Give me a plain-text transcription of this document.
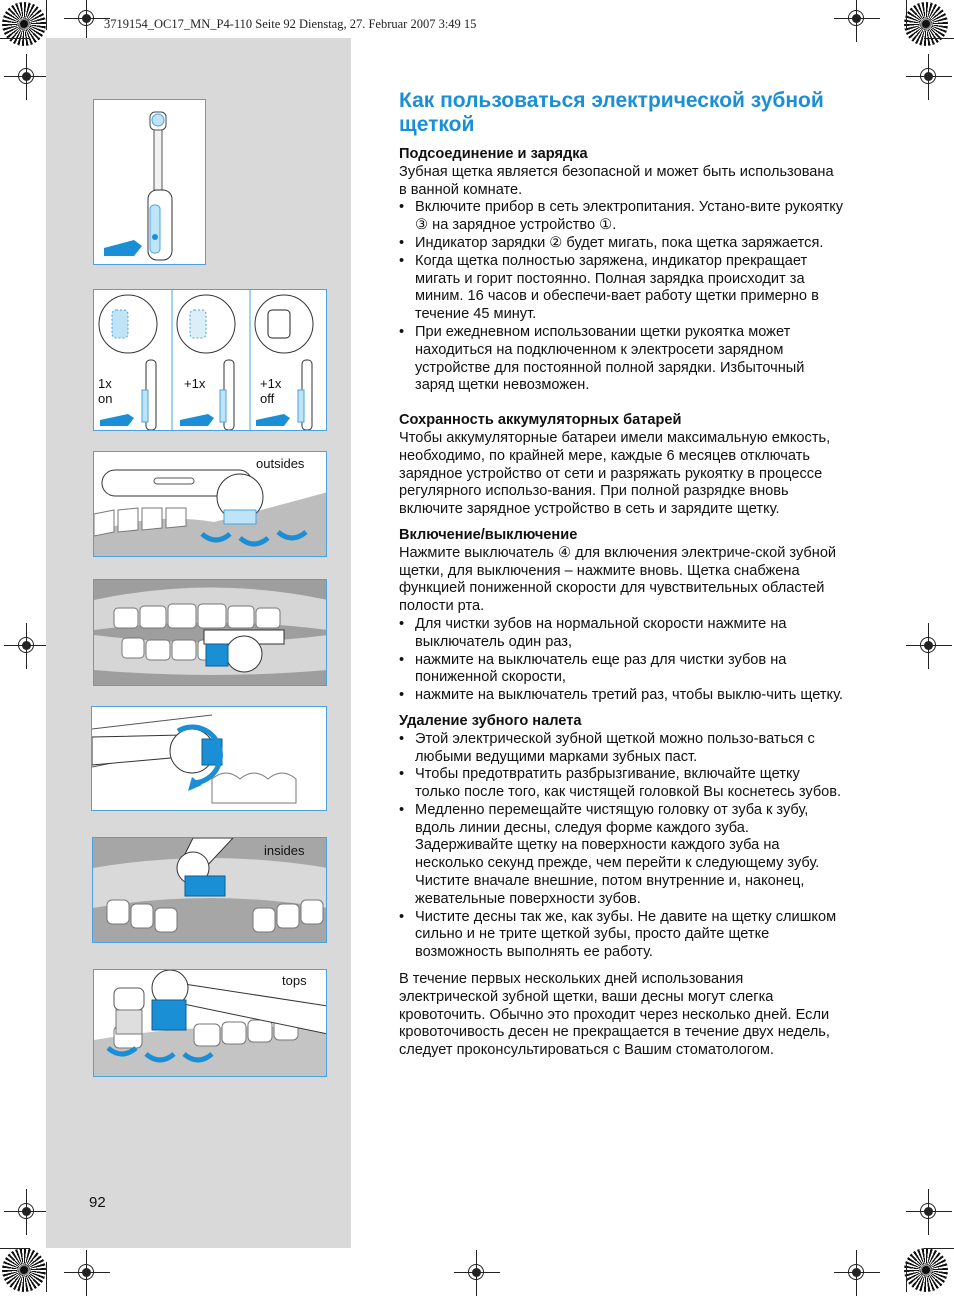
3719154_OC17_MN_P4-110 Seite 92 Dienstag, 27. Februar 2007 3:49 15
1x
on
+1x	+1x
off
outsides
insides
tops
Как пользоваться электрической зубной щеткой
Подсоединение и зарядка

Зубная щетка является безопасной и может быть использована в ванной комнате.

• Включите прибор в сеть электропитания. Устано-вите рукоятку ③ на зарядное устройство ①.
• Индикатор зарядки ② будет мигать, пока щетка заряжается.
• Когда щетка полностью заряжена, индикатор прекращает мигать и горит постоянно. Полная зарядка происходит за миним. 16 часов и обеспечи-вает работу щетки примерно в течение 45 минут.
• При ежедневном использовании щетки рукоятка может находиться на подключенном к электросети зарядном устройстве для постоянной полной зарядки. Избыточный заряд щетки невозможен.
Сохранность аккумуляторных батарей

Чтобы аккумуляторные батареи имели максимальную емкость, необходимо, по крайней мере, каждые 6 месяцев отключать зарядное устройство от сети и разряжать рукоятку в процессе регулярного использо-вания. При полной разрядке вновь включите зарядное устройство в сеть и зарядите щетку.

Включение/выключение

Нажмите выключатель ④ для включения электриче-ской зубной щетки, для выключения – нажмите вновь. Щетка снабжена функцией пониженной скорости для чувствительных областей полости рта.

• Для чистки зубов на нормальной скорости нажмите на выключатель один раз,
• нажмите на выключатель еще раз для чистки зубов на пониженной скорости,
• нажмите на выключатель третий раз, чтобы выклю-чить щетку.
Удаление зубного налета
• Этой электрической зубной щеткой можно пользо-ваться с любыми ведущими марками зубных паст.
• Чтобы предотвратить разбрызгивание, включайте щетку только после того, как чистящей головкой Вы коснетесь зубов.
• Медленно перемещайте чистящую головку от зуба к зубу, вдоль линии десны, следуя форме каждого зуба. Задерживайте щетку на поверхности каждого зуба на несколько секунд прежде, чем перейти к следующему зубу. Чистите вначале внешние, потом внутренние и, наконец, жевательные поверхности зубов.
• Чистите десны так же, как зубы. Не давите на щетку слишком сильно и не трите щеткой зубы, просто дайте щетке возможность выполнять ее работу.

В течение первых нескольких дней использования электрической зубной щетки, ваши десны могут слегка кровоточить. Обычно это проходит через несколько дней. Если кровоточивость десен не прекращается в течение двух недель, следует проконсультироваться с Вашим стоматологом.

92
